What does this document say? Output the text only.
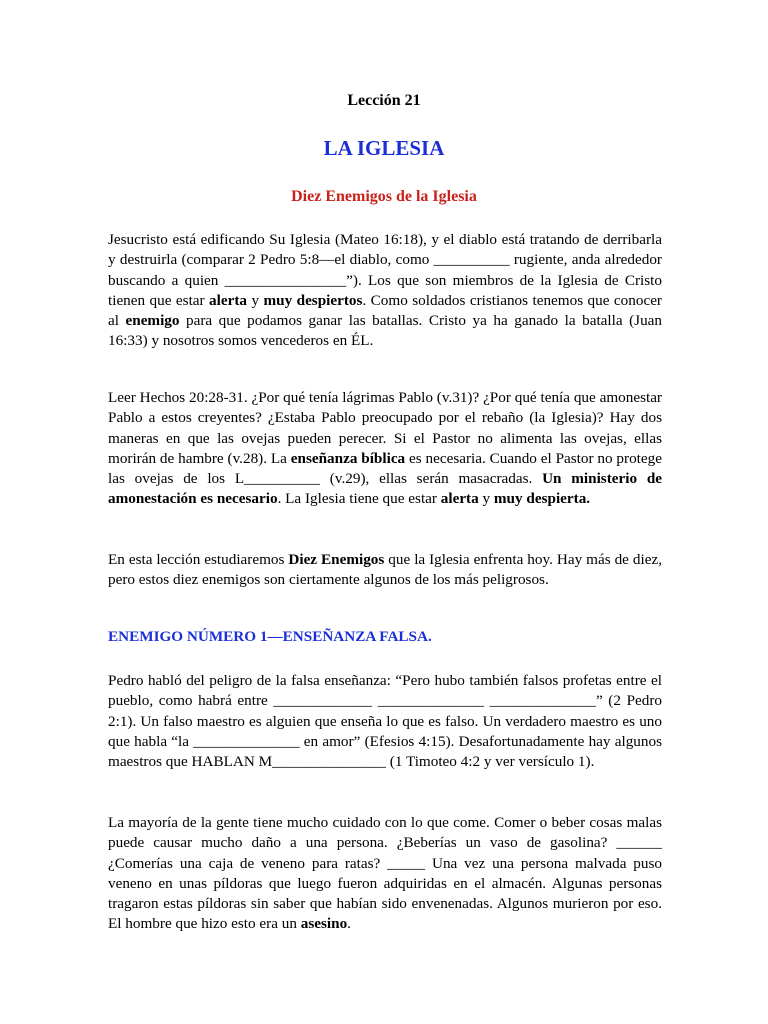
Lección 21
LA IGLESIA
Diez Enemigos de la Iglesia

Jesucristo está edificando Su Iglesia (Mateo 16:18), y el diablo está tratando de derribarla y destruirla (comparar 2 Pedro 5:8—el diablo, como __________ rugiente, anda alrededor buscando a quien ________________”). Los que son miembros de la Iglesia de Cristo tienen que estar alerta y muy despiertos. Como soldados cristianos tenemos que conocer al enemigo para que podamos ganar las batallas. Cristo ya ha ganado la batalla (Juan 16:33) y nosotros somos vencederos en ÉL.

Leer Hechos 20:28-31. ¿Por qué tenía lágrimas Pablo (v.31)? ¿Por qué tenía que amonestar Pablo a estos creyentes? ¿Estaba Pablo preocupado por el rebaño (la Iglesia)? Hay dos maneras en que las ovejas pueden perecer. Si el Pastor no alimenta las ovejas, ellas morirán de hambre (v.28). La enseñanza bíblica es necesaria. Cuando el Pastor no protege las ovejas de los L__________ (v.29), ellas serán masacradas. Un ministerio de amonestación es necesario. La Iglesia tiene que estar alerta y muy despierta.

En esta lección estudiaremos Diez Enemigos que la Iglesia enfrenta hoy. Hay más de diez, pero estos diez enemigos son ciertamente algunos de los más peligrosos.

ENEMIGO NÚMERO 1—ENSEÑANZA FALSA.

Pedro habló del peligro de la falsa enseñanza: “Pero hubo también falsos profetas entre el pueblo, como habrá entre _____________ ______________ ______________” (2 Pedro 2:1). Un falso maestro es alguien que enseña lo que es falso. Un verdadero maestro es uno que habla “la ______________ en amor” (Efesios 4:15). Desafortunadamente hay algunos maestros que HABLAN M_______________ (1 Timoteo 4:2 y ver versículo 1).

La mayoría de la gente tiene mucho cuidado con lo que come. Comer o beber cosas malas puede causar mucho daño a una persona. ¿Beberías un vaso de gasolina? ______ ¿Comerías una caja de veneno para ratas? _____ Una vez una persona malvada puso veneno en unas píldoras que luego fueron adquiridas en el almacén. Algunas personas tragaron estas píldoras sin saber que habían sido envenenadas. Algunos murieron por eso. El hombre que hizo esto era un asesino.
